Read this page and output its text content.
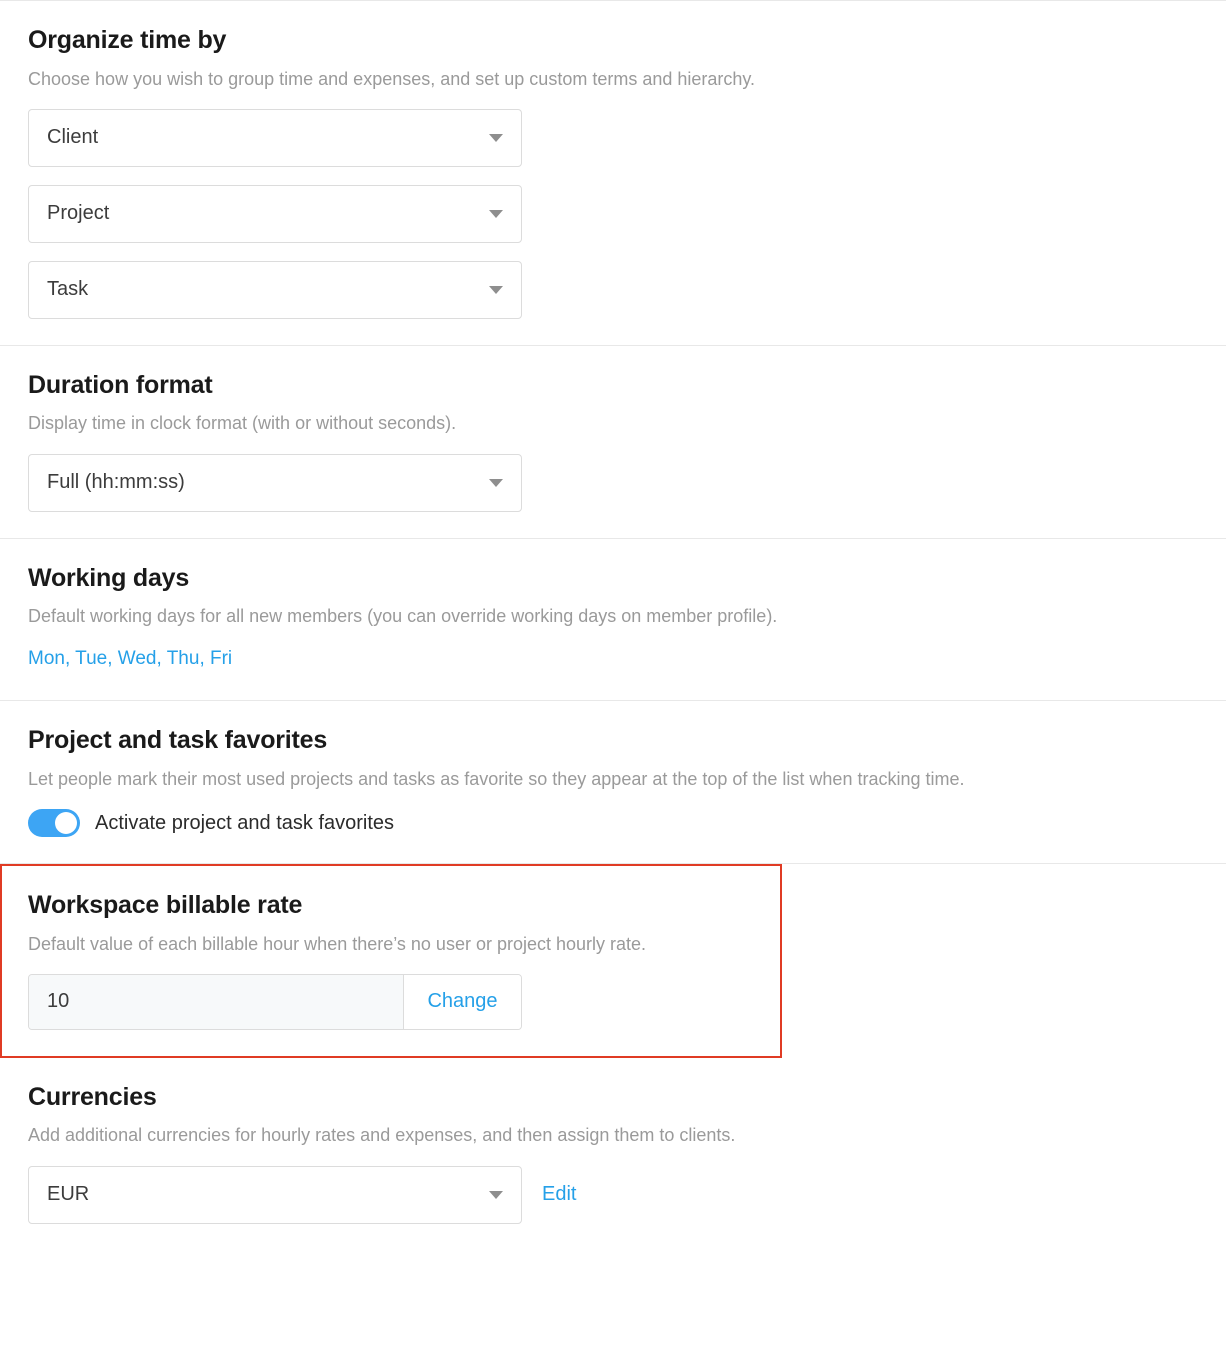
Organize time by

Choose how you wish to group time and expenses, and set up custom terms and hierarchy.

Client
Project
Task
Duration format

Display time in clock format (with or without seconds).

Full (hh:mm:ss)
Working days

Default working days for all new members (you can override working days on member profile).

Mon, Tue, Wed, Thu, Fri
Project and task favorites

Let people mark their most used projects and tasks as favorite so they appear at the top of the list when tracking time.

Activate project and task favorites
Workspace billable rate

Default value of each billable hour when there’s no user or project hourly rate.

10
Change
Currencies

Add additional currencies for hourly rates and expenses, and then assign them to clients.

EUR	Edit
